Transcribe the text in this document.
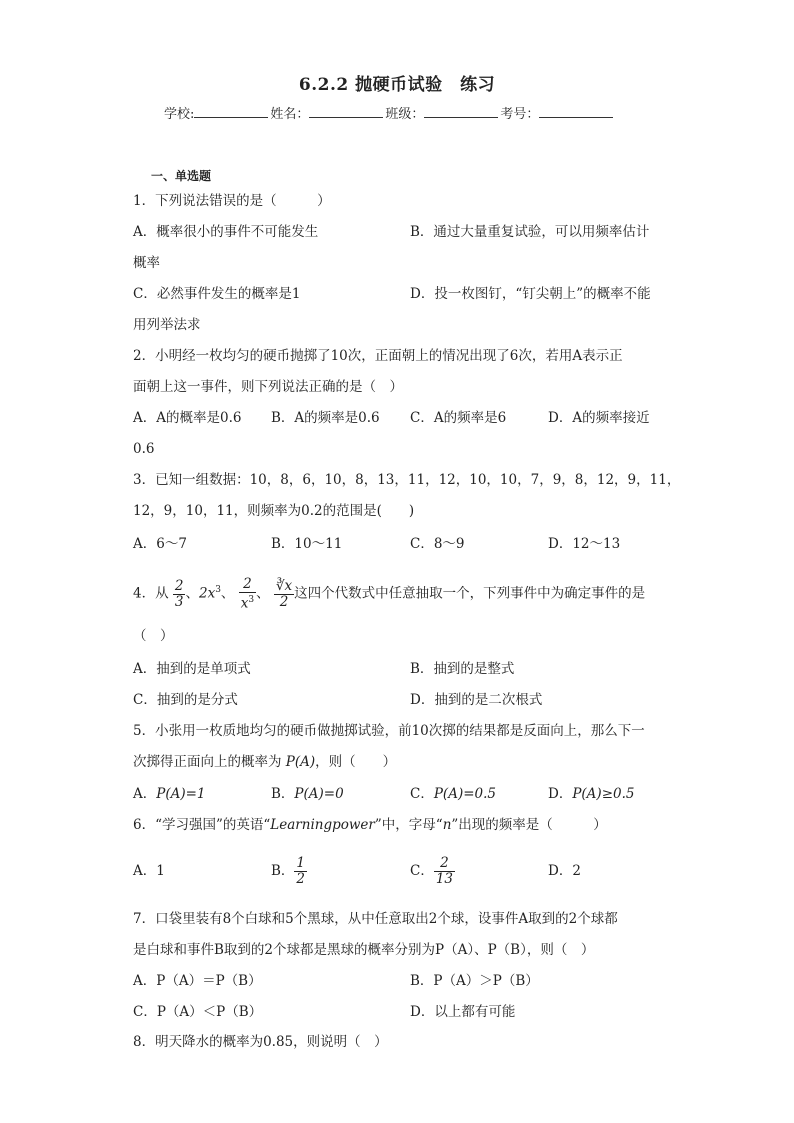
6.2.2 抛硬币试验　练习
学校:	姓名：	班级：	考号：
一、单选题
1．下列说法错误的是（　　　）
A．概率很小的事件不可能发生	B．通过大量重复试验，可以用频率估计
概率
C．必然事件发生的概率是1	D．投一枚图钉，“钉尖朝上”的概率不能
用列举法求
2．小明经一枚均匀的硬币抛掷了10次，正面朝上的情况出现了6次，若用A表示正
面朝上这一事件，则下列说法正确的是（　）
A．A的概率是0.6 B．A的频率是0.6 C．A的频率是6	D．A的频率接近
0.6
3．已知一组数据：10，8，6，10，8，13，11，12，10，10，7，9，8，12，9，11，
12，9，10，11，则频率为0.2的范围是(　　)
A．6～7	B．10～11	C．8～9	D．12～13
4．从 $\frac{2}{3}$ 、$2x^3$、 $\frac{2}{x^3}$ 、 $\frac{∛x}{2}$ 这四个代数式中任意抽取一个，下列事件中为确定事件的是
（　）
A．抽到的是单项式	B．抽到的是整式
C．抽到的是分式	D．抽到的是二次根式
5．小张用一枚质地均匀的硬币做抛掷试验，前10次掷的结果都是反面向上，那么下一
次掷得正面向上的概率为 P(A)，则（　　）
A．P(A)=1	B．P(A)=0	C．P(A)=0.5	D．P(A)≥0.5
6．“学习强国”的英语“Learningpower”中，字母“n”出现的频率是（　　　）
A．1	B． $\frac{1}{2}$	C． $\frac{2}{13}$	D．2
7．口袋里装有8个白球和5个黑球，从中任意取出2个球，设事件A取到的2个球都
是白球和事件B取到的2个球都是黑球的概率分别为P（A）、P（B），则（　）
A．P（A）＝P（B）	B．P（A）＞P（B）
C．P（A）＜P（B）	D．以上都有可能
8．明天降水的概率为0.85，则说明（　）
